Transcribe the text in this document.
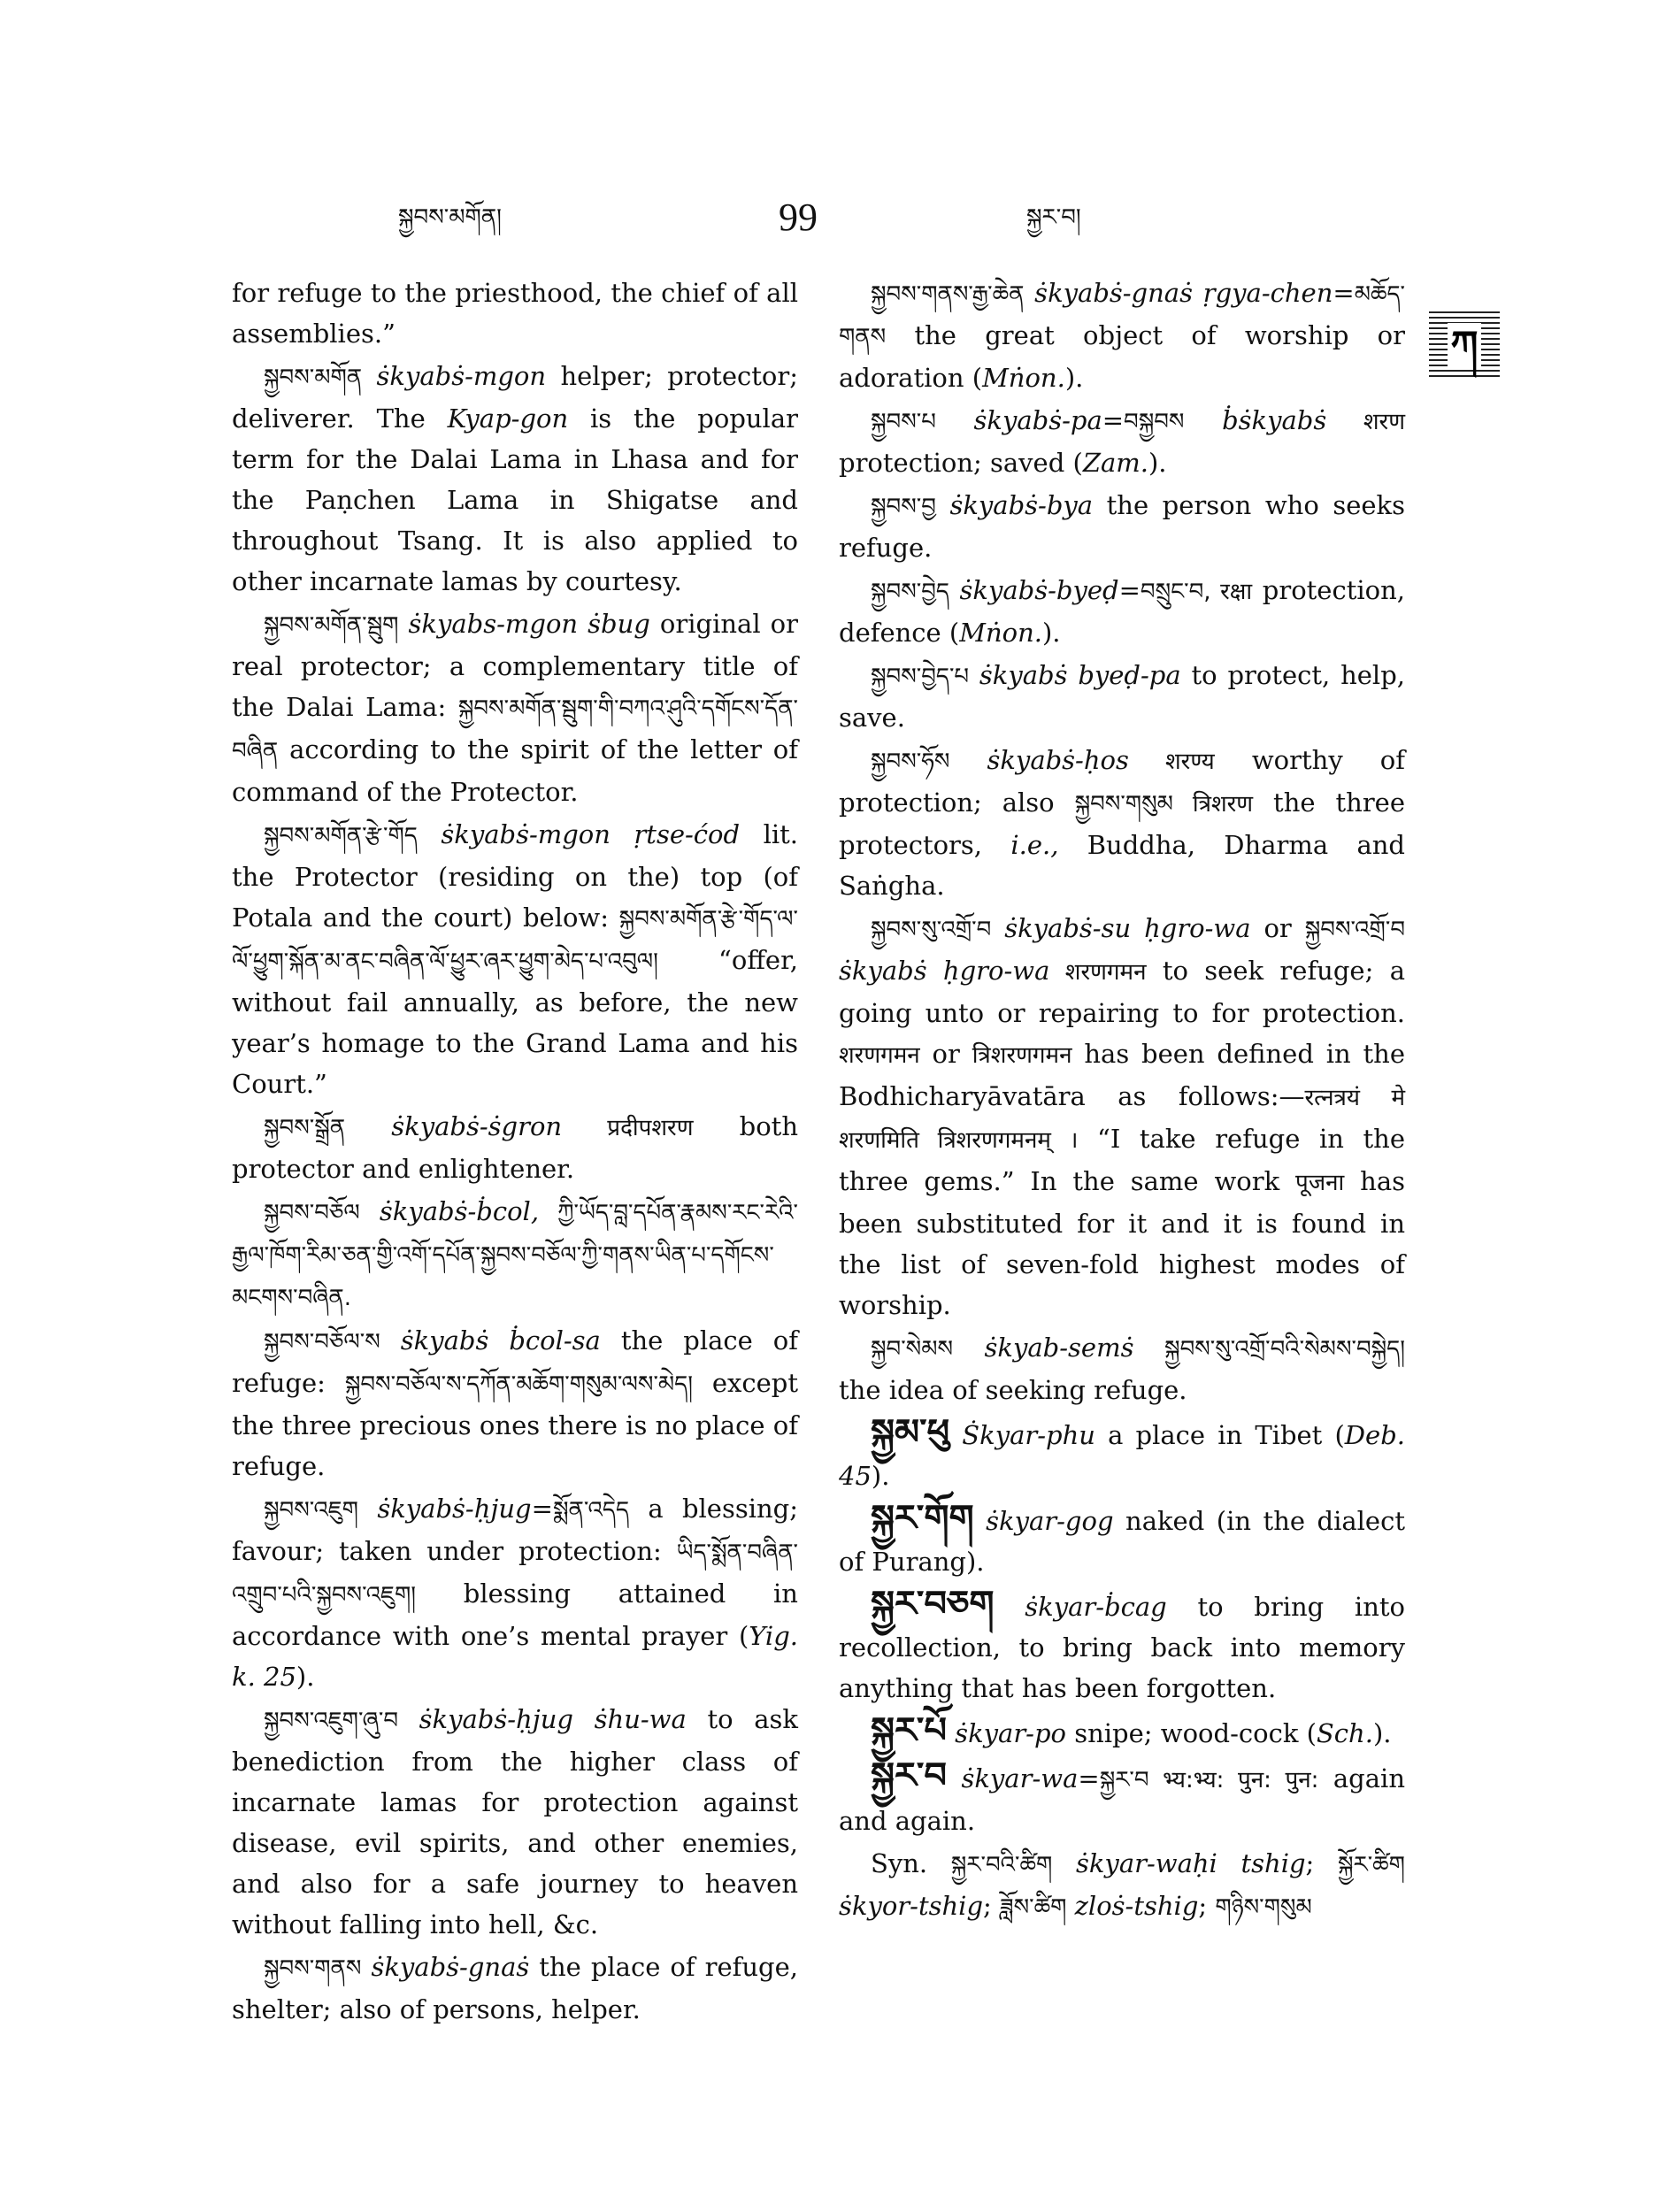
སྐྱབས་མགོན།	99	སྐྱར་བ།
ཀ

for refuge to the priesthood, the chief of all assemblies.”

སྐྱབས་མགོན ṡkyabṡ-mgon helper; protector; deliverer. The Kyap-gon is the popular term for the Dalai Lama in Lhasa and for the Paṇchen Lama in Shigatse and throughout Tsang. It is also applied to other incarnate lamas by courtesy.

སྐྱབས་མགོན་སྦུག ṡkyabs-mgon ṡbug original or real protector; a complementary title of the Dalai Lama: སྐྱབས་མགོན་སྦུག་གི་བཀའ་ཤུའི་དགོངས་དོན་བཞིན according to the spirit of the letter of command of the Protector.

སྐྱབས་མགོན་རྩེ་གོད ṡkyabṡ-mgon ṛtse-ćod lit. the Protector (residing on the) top (of Potala and the court) below: སྐྱབས་མགོན་རྩེ་གོད་ལ་ལོ་ཕྱུག་སྐོན་མ་ནང་བཞིན་ལོ་ཕྱུར་ཞར་ཕྱུག་མེད་པ་འབུལ། “offer, without fail annually, as before, the new year’s homage to the Grand Lama and his Court.”

སྐྱབས་སྒྲོན ṡkyabṡ-ṡgron प्रदीपशरण both protector and enlightener.

སྐྱབས་བཅོལ ṡkyabṡ-ḃcol, ཀྱི་ཡོད་བླ་དཔོན་རྣམས་རང་རེའི་རྒྱལ་ཁོག་རིམ་ཅན་གྱི་འགོ་དཔོན་སྐྱབས་བཅོལ་ཀྱི་གནས་ཡིན་པ་དགོངས་མངགས་བཞིན.

སྐྱབས་བཅོལ་ས ṡkyabṡ ḃcol-sa the place of refuge: སྐྱབས་བཅོལ་ས་དཀོན་མཆོག་གསུམ་ལས་མེད། except the three precious ones there is no place of refuge.

སྐྱབས་འཇུག ṡkyabṡ-ḥjug=སྨོན་འདེད a blessing; favour; taken under protection: ཡིད་སྨོན་བཞིན་འགྲུབ་པའི་སྐྱབས་འཇུག། blessing attained in accordance with one’s mental prayer (Yig. k. 25).

སྐྱབས་འཇུག་ཞུ་བ ṡkyabṡ-ḥjug ṡhu-wa to ask benediction from the higher class of incarnate lamas for protection against disease, evil spirits, and other enemies, and also for a safe journey to heaven without falling into hell, &c.

སྐྱབས་གནས ṡkyabṡ-gnaṡ the place of refuge, shelter; also of persons, helper.

སྐྱབས་གནས་རྒྱ་ཆེན ṡkyabṡ-gnaṡ ṛgya-chen=མཆོད་གནས the great object of worship or adoration (Mṅon.).

སྐྱབས་པ ṡkyabṡ-pa=བསྐྱབས ḃṡkyabṡ शरण protection; saved (Zam.).

སྐྱབས་བྱ ṡkyabṡ-bya the person who seeks refuge.

སྐྱབས་བྱེད ṡkyabṡ-byeḍ=བསྲུང་བ, रक्षा protection, defence (Mṅon.).

སྐྱབས་བྱེད་པ ṡkyabṡ byeḍ-pa to protect, help, save.

སྐྱབས་ཧོས ṡkyabṡ-ḥos शरण्य worthy of protection; also སྐྱབས་གསུམ त्रिशरण the three protectors, i.e., Buddha, Dharma and Saṅgha.

སྐྱབས་སུ་འགྲོ་བ ṡkyabṡ-su ḥgro-wa or སྐྱབས་འགྲོ་བ ṡkyabṡ ḥgro-wa शरणगमन to seek refuge; a going unto or repairing to for protection. शरणगमन or त्रिशरणगमन has been defined in the Bodhicharyāvatāra as follows:—रत्नत्रयं मे शरणमिति त्रिशरणगमनम् । “I take refuge in the three gems.” In the same work पूजना has been substituted for it and it is found in the list of seven-fold highest modes of worship.

སྐྱབ་སེམས ṡkyab-semṡ སྐྱབས་སུ་འགྲོ་བའི་སེམས་བསྐྱེད། the idea of seeking refuge.

སྐྱམ་ཕུ Ṡkyar-phu a place in Tibet (Deb. 45).

སྐྱར་གོག ṡkyar-gog naked (in the dialect of Purang).

སྐྱར་བཅག ṡkyar-ḃcag to bring into recollection, to bring back into memory anything that has been forgotten.

སྐྱར་པོ ṡkyar-po snipe; wood-cock (Sch.).

སྐྱར་བ ṡkyar-wa=སྐྱར་བ भ्य:भ्य: पुन: पुन: again and again.

Syn. སྐྱར་བའི་ཚིག ṡkyar-waḥi tshig; སྐྱོར་ཚིག ṡkyor-tshig; ཟློས་ཚིག zloṡ-tshig; གཉིས་གསུམ
